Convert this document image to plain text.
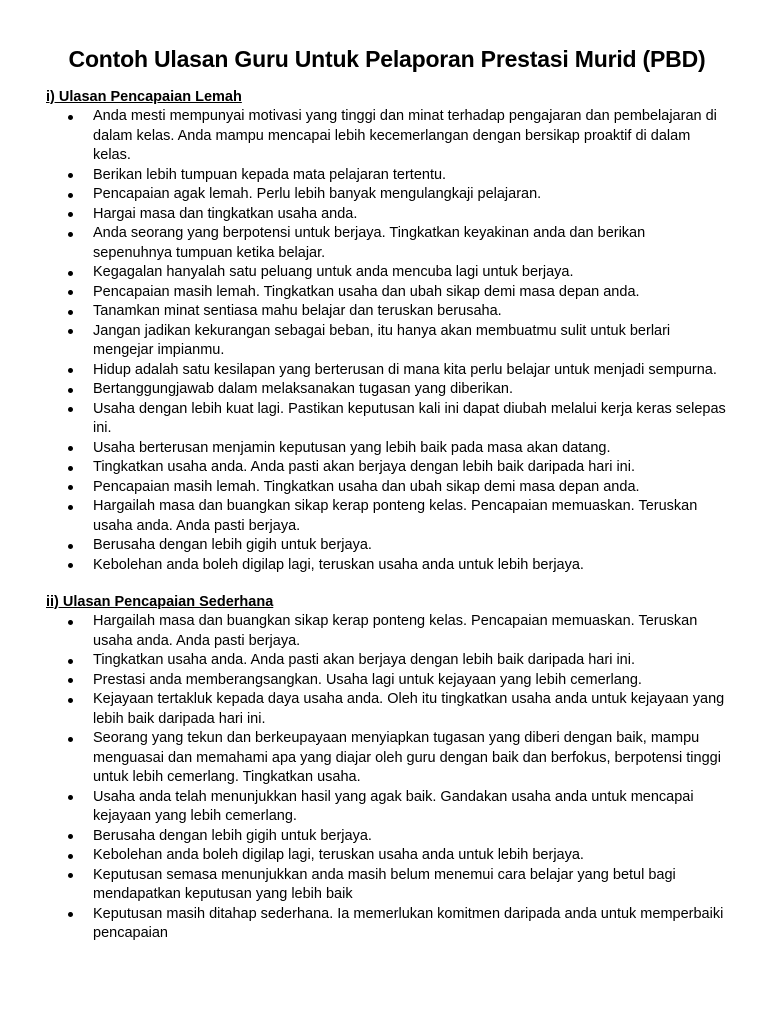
Contoh Ulasan Guru Untuk Pelaporan Prestasi Murid (PBD)
i) Ulasan Pencapaian Lemah
Anda mesti mempunyai motivasi yang tinggi dan minat terhadap pengajaran dan pembelajaran di dalam kelas. Anda mampu mencapai lebih kecemerlangan dengan bersikap proaktif di dalam kelas.
Berikan lebih tumpuan kepada mata pelajaran tertentu.
Pencapaian agak lemah. Perlu lebih banyak mengulangkaji pelajaran.
Hargai masa dan tingkatkan usaha anda.
Anda seorang yang berpotensi untuk berjaya. Tingkatkan keyakinan anda dan berikan sepenuhnya tumpuan ketika belajar.
Kegagalan hanyalah satu peluang untuk anda mencuba lagi untuk berjaya.
Pencapaian masih lemah. Tingkatkan usaha dan ubah sikap demi masa depan anda.
Tanamkan minat sentiasa mahu belajar dan teruskan berusaha.
Jangan jadikan kekurangan sebagai beban, itu hanya akan membuatmu sulit untuk berlari mengejar impianmu.
Hidup adalah satu kesilapan yang berterusan di mana kita perlu belajar untuk menjadi sempurna.
Bertanggungjawab dalam melaksanakan tugasan yang diberikan.
Usaha dengan lebih kuat lagi. Pastikan keputusan kali ini dapat diubah melalui kerja keras selepas ini.
Usaha berterusan menjamin keputusan yang lebih baik pada masa akan datang.
Tingkatkan usaha anda. Anda pasti akan berjaya dengan lebih baik daripada hari ini.
Pencapaian masih lemah. Tingkatkan usaha dan ubah sikap demi masa depan anda.
Hargailah masa dan buangkan sikap kerap ponteng kelas. Pencapaian memuaskan. Teruskan usaha anda. Anda pasti berjaya.
Berusaha dengan lebih gigih untuk berjaya.
Kebolehan anda boleh digilap lagi, teruskan usaha anda untuk lebih berjaya.
ii) Ulasan Pencapaian Sederhana
Hargailah masa dan buangkan sikap kerap ponteng kelas. Pencapaian memuaskan. Teruskan usaha anda. Anda pasti berjaya.
Tingkatkan usaha anda. Anda pasti akan berjaya dengan lebih baik daripada hari ini.
Prestasi anda memberangsangkan. Usaha lagi untuk kejayaan yang lebih cemerlang.
Kejayaan tertakluk kepada daya usaha anda. Oleh itu tingkatkan usaha anda untuk kejayaan yang lebih baik daripada hari ini.
Seorang yang tekun dan berkeupayaan menyiapkan tugasan yang diberi dengan baik, mampu menguasai dan memahami apa yang diajar oleh guru dengan baik dan berfokus, berpotensi tinggi untuk lebih cemerlang. Tingkatkan usaha.
Usaha anda telah menunjukkan hasil yang agak baik. Gandakan usaha anda untuk mencapai kejayaan yang lebih cemerlang.
Berusaha dengan lebih gigih untuk berjaya.
Kebolehan anda boleh digilap lagi, teruskan usaha anda untuk lebih berjaya.
Keputusan semasa menunjukkan anda masih belum menemui cara belajar yang betul bagi mendapatkan keputusan yang lebih baik
Keputusan masih ditahap sederhana. Ia memerlukan komitmen daripada anda untuk memperbaiki pencapaian
